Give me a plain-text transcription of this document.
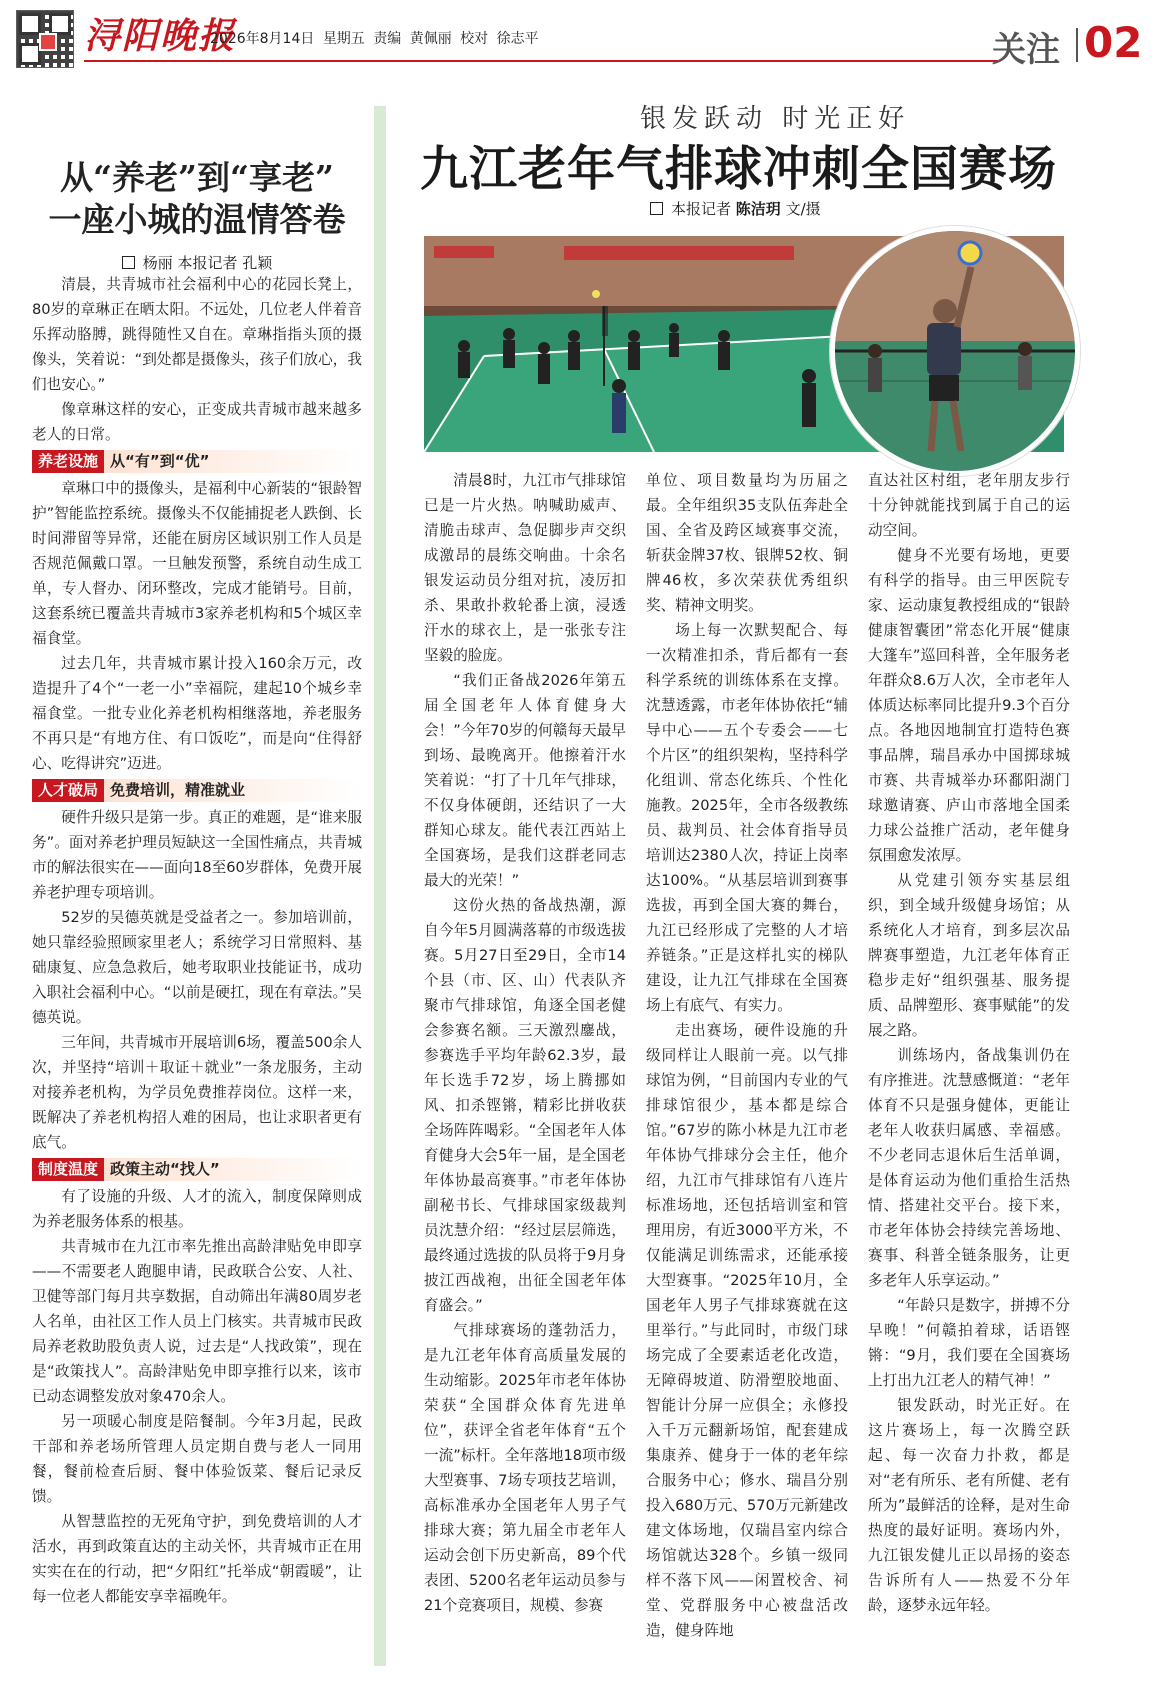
浔阳晚报
2026年8月14日 星期五 责编 黄佩丽 校对 徐志平	关注 02
从“养老”到“享老”
一座小城的温情答卷
杨丽 本报记者 孔颖

清晨，共青城市社会福利中心的花园长凳上，80岁的章琳正在晒太阳。不远处，几位老人伴着音乐挥动胳膊，跳得随性又自在。章琳指指头顶的摄像头，笑着说：“到处都是摄像头，孩子们放心，我们也安心。”

像章琳这样的安心，正变成共青城市越来越多老人的日常。

养老设施 从“有”到“优”

章琳口中的摄像头，是福利中心新装的“银龄智护”智能监控系统。摄像头不仅能捕捉老人跌倒、长时间滞留等异常，还能在厨房区域识别工作人员是否规范佩戴口罩。一旦触发预警，系统自动生成工单，专人督办、闭环整改，完成才能销号。目前，这套系统已覆盖共青城市3家养老机构和5个城区幸福食堂。

过去几年，共青城市累计投入160余万元，改造提升了4个“一老一小”幸福院，建起10个城乡幸福食堂。一批专业化养老机构相继落地，养老服务不再只是“有地方住、有口饭吃”，而是向“住得舒心、吃得讲究”迈进。

人才破局 免费培训，精准就业

硬件升级只是第一步。真正的难题，是“谁来服务”。面对养老护理员短缺这一全国性痛点，共青城市的解法很实在——面向18至60岁群体，免费开展养老护理专项培训。

52岁的吴德英就是受益者之一。参加培训前，她只靠经验照顾家里老人；系统学习日常照料、基础康复、应急急救后，她考取职业技能证书，成功入职社会福利中心。“以前是硬扛，现在有章法。”吴德英说。

三年间，共青城市开展培训6场，覆盖500余人次，并坚持“培训＋取证＋就业”一条龙服务，主动对接养老机构，为学员免费推荐岗位。这样一来，既解决了养老机构招人难的困局，也让求职者更有底气。

制度温度 政策主动“找人”

有了设施的升级、人才的流入，制度保障则成为养老服务体系的根基。

共青城市在九江市率先推出高龄津贴免申即享——不需要老人跑腿申请，民政联合公安、人社、卫健等部门每月共享数据，自动筛出年满80周岁老人名单，由社区工作人员上门核实。共青城市民政局养老救助股负责人说，过去是“人找政策”，现在是“政策找人”。高龄津贴免申即享推行以来，该市已动态调整发放对象470余人。

另一项暖心制度是陪餐制。今年3月起，民政干部和养老场所管理人员定期自费与老人一同用餐，餐前检查后厨、餐中体验饭菜、餐后记录反馈。

从智慧监控的无死角守护，到免费培训的人才活水，再到政策直达的主动关怀，共青城市正在用实实在在的行动，把“夕阳红”托举成“朝霞暖”，让每一位老人都能安享幸福晚年。

银发跃动 时光正好
九江老年气排球冲刺全国赛场
本报记者 陈洁玥 文/摄

清晨8时，九江市气排球馆已是一片火热。呐喊助威声、清脆击球声、急促脚步声交织成激昂的晨练交响曲。十余名银发运动员分组对抗，凌厉扣杀、果敢扑救轮番上演，浸透汗水的球衣上，是一张张专注坚毅的脸庞。

“我们正备战2026年第五届全国老年人体育健身大会！”今年70岁的何赣每天最早到场、最晚离开。他擦着汗水笑着说：“打了十几年气排球，不仅身体硬朗，还结识了一大群知心球友。能代表江西站上全国赛场，是我们这群老同志最大的光荣！”

这份火热的备战热潮，源自今年5月圆满落幕的市级选拔赛。5月27日至29日，全市14个县（市、区、山）代表队齐聚市气排球馆，角逐全国老健会参赛名额。三天激烈鏖战，参赛选手平均年龄62.3岁，最年长选手72岁，场上腾挪如风、扣杀铿锵，精彩比拼收获全场阵阵喝彩。“全国老年人体育健身大会5年一届，是全国老年体协最高赛事。”市老年体协副秘书长、气排球国家级裁判员沈慧介绍：“经过层层筛选，最终通过选拔的队员将于9月身披江西战袍，出征全国老年体育盛会。”

气排球赛场的蓬勃活力，是九江老年体育高质量发展的生动缩影。2025年市老年体协荣获“全国群众体育先进单位”，获评全省老年体育“五个一流”标杆。全年落地18项市级大型赛事、7场专项技艺培训，高标准承办全国老年人男子气排球大赛；第九届全市老年人运动会创下历史新高，89个代表团、5200名老年运动员参与21个竞赛项目，规模、参赛

单位、项目数量均为历届之最。全年组织35支队伍奔赴全国、全省及跨区域赛事交流，斩获金牌37枚、银牌52枚、铜牌46枚，多次荣获优秀组织奖、精神文明奖。

场上每一次默契配合、每一次精准扣杀，背后都有一套科学系统的训练体系在支撑。沈慧透露，市老年体协依托“辅导中心——五个专委会——七个片区”的组织架构，坚持科学化组训、常态化练兵、个性化施教。2025年，全市各级教练员、裁判员、社会体育指导员培训达2380人次，持证上岗率达100%。“从基层培训到赛事选拔，再到全国大赛的舞台，九江已经形成了完整的人才培养链条。”正是这样扎实的梯队建设，让九江气排球在全国赛场上有底气、有实力。

走出赛场，硬件设施的升级同样让人眼前一亮。以气排球馆为例，“目前国内专业的气排球馆很少，基本都是综合馆。”67岁的陈小林是九江市老年体协气排球分会主任，他介绍，九江市气排球馆有八连片标准场地，还包括培训室和管理用房，有近3000平方米，不仅能满足训练需求，还能承接大型赛事。“2025年10月，全国老年人男子气排球赛就在这里举行。”与此同时，市级门球场完成了全要素适老化改造，无障碍坡道、防滑塑胶地面、智能计分屏一应俱全；永修投入千万元翻新场馆，配套建成集康养、健身于一体的老年综合服务中心；修水、瑞昌分别投入680万元、570万元新建改建文体场地，仅瑞昌室内综合场馆就达328个。乡镇一级同样不落下风——闲置校舍、祠堂、党群服务中心被盘活改造，健身阵地

直达社区村组，老年朋友步行十分钟就能找到属于自己的运动空间。

健身不光要有场地，更要有科学的指导。由三甲医院专家、运动康复教授组成的“银龄健康智囊团”常态化开展“健康大篷车”巡回科普，全年服务老年群众8.6万人次，全市老年人体质达标率同比提升9.3个百分点。各地因地制宜打造特色赛事品牌，瑞昌承办中国掷球城市赛、共青城举办环鄱阳湖门球邀请赛、庐山市落地全国柔力球公益推广活动，老年健身氛围愈发浓厚。

从党建引领夯实基层组织，到全域升级健身场馆；从系统化人才培育，到多层次品牌赛事塑造，九江老年体育正稳步走好“组织强基、服务提质、品牌塑形、赛事赋能”的发展之路。

训练场内，备战集训仍在有序推进。沈慧感慨道：“老年体育不只是强身健体，更能让老年人收获归属感、幸福感。不少老同志退休后生活单调，是体育运动为他们重拾生活热情、搭建社交平台。接下来，市老年体协会持续完善场地、赛事、科普全链条服务，让更多老年人乐享运动。”

“年龄只是数字，拼搏不分早晚！”何赣拍着球，话语铿锵：“9月，我们要在全国赛场上打出九江老人的精气神！”

银发跃动，时光正好。在这片赛场上，每一次腾空跃起、每一次奋力扑救，都是对“老有所乐、老有所健、老有所为”最鲜活的诠释，是对生命热度的最好证明。赛场内外，九江银发健儿正以昂扬的姿态告诉所有人——热爱不分年龄，逐梦永远年轻。
